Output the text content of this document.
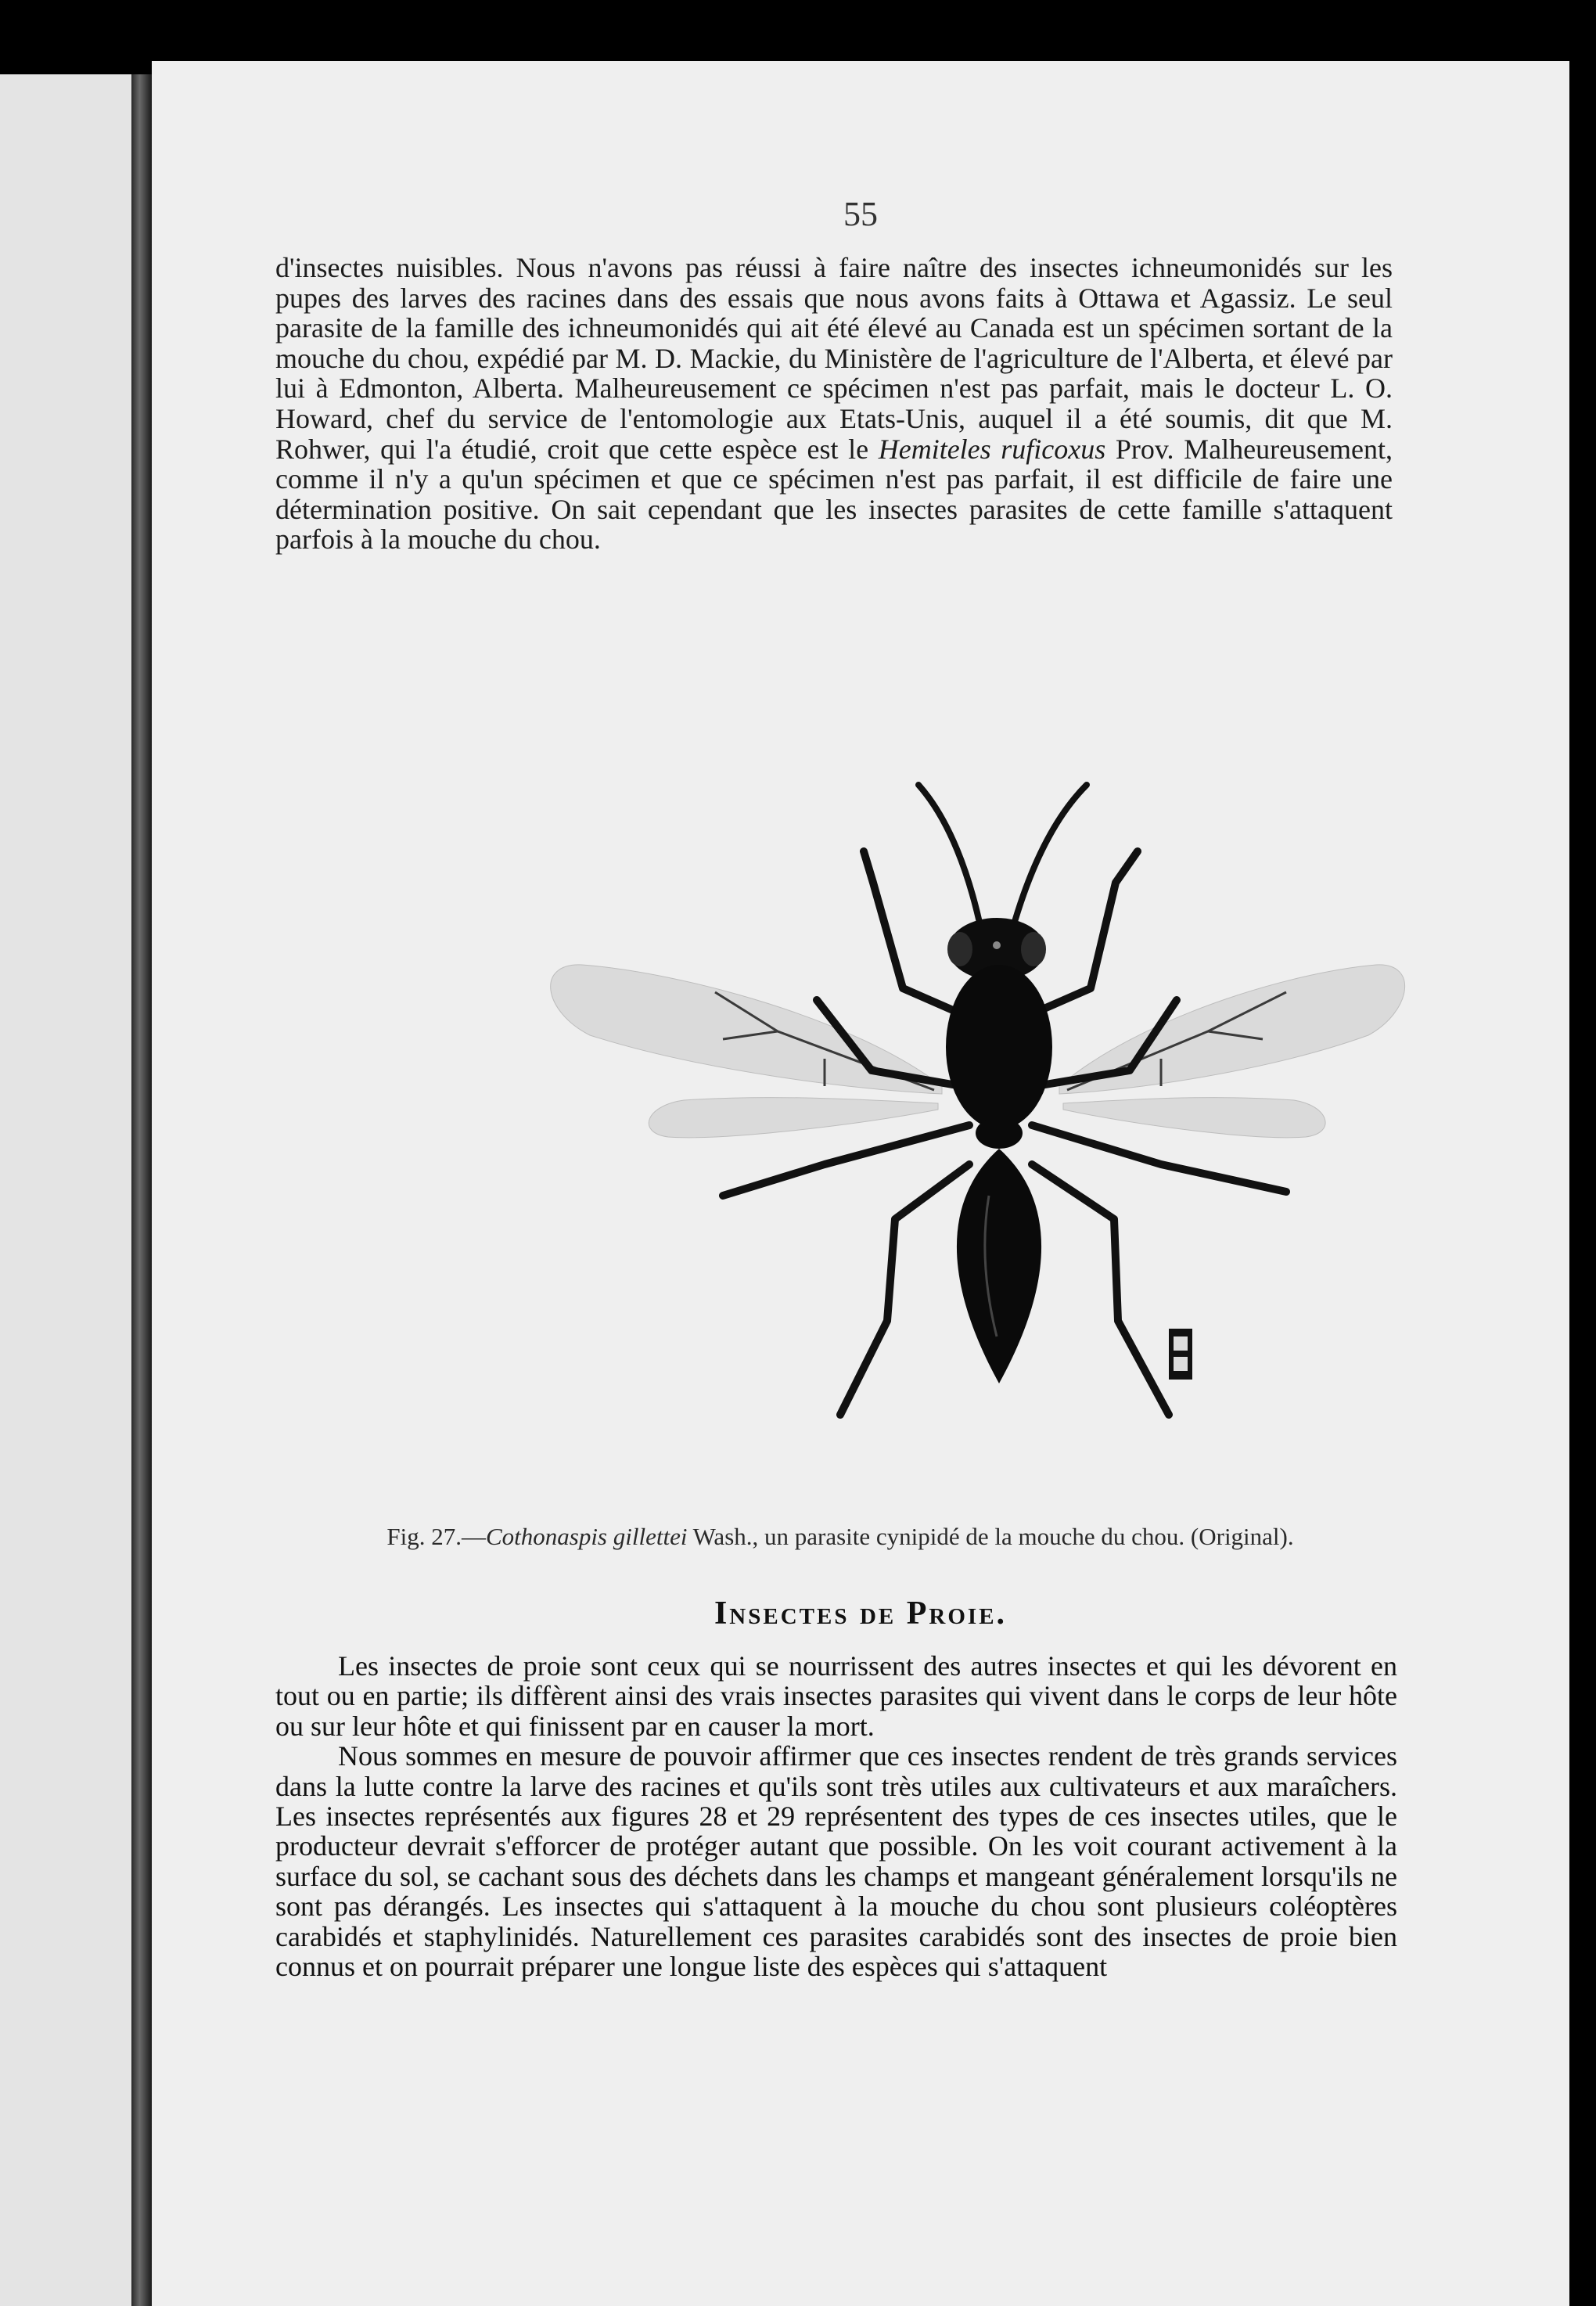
55

d'insectes nuisibles. Nous n'avons pas réussi à faire naître des insectes ichneumonidés sur les pupes des larves des racines dans des essais que nous avons faits à Ottawa et Agassiz. Le seul parasite de la famille des ichneumonidés qui ait été élevé au Canada est un spécimen sortant de la mouche du chou, expédié par M. D. Mackie, du Ministère de l'agriculture de l'Alberta, et élevé par lui à Edmonton, Alberta. Malheureusement ce spécimen n'est pas parfait, mais le docteur L. O. Howard, chef du service de l'entomologie aux Etats-Unis, auquel il a été soumis, dit que M. Rohwer, qui l'a étudié, croit que cette espèce est le Hemiteles ruficoxus Prov. Malheureusement, comme il n'y a qu'un spécimen et que ce spécimen n'est pas parfait, il est difficile de faire une détermination positive. On sait cependant que les insectes parasites de cette famille s'attaquent parfois à la mouche du chou.

Fig. 27.—Cothonaspis gillettei Wash., un parasite cynipidé de la mouche du chou. (Original).

Insectes de Proie.

Les insectes de proie sont ceux qui se nourrissent des autres insectes et qui les dévorent en tout ou en partie; ils diffèrent ainsi des vrais insectes parasites qui vivent dans le corps de leur hôte ou sur leur hôte et qui finissent par en causer la mort.

Nous sommes en mesure de pouvoir affirmer que ces insectes rendent de très grands services dans la lutte contre la larve des racines et qu'ils sont très utiles aux cultivateurs et aux maraîchers. Les insectes représentés aux figures 28 et 29 représentent des types de ces insectes utiles, que le producteur devrait s'efforcer de protéger autant que possible. On les voit courant activement à la surface du sol, se cachant sous des déchets dans les champs et mangeant généralement lorsqu'ils ne sont pas dérangés. Les insectes qui s'attaquent à la mouche du chou sont plusieurs coléoptères carabidés et staphylinidés. Naturellement ces parasites carabidés sont des insectes de proie bien connus et on pourrait préparer une longue liste des espèces qui s'attaquent
